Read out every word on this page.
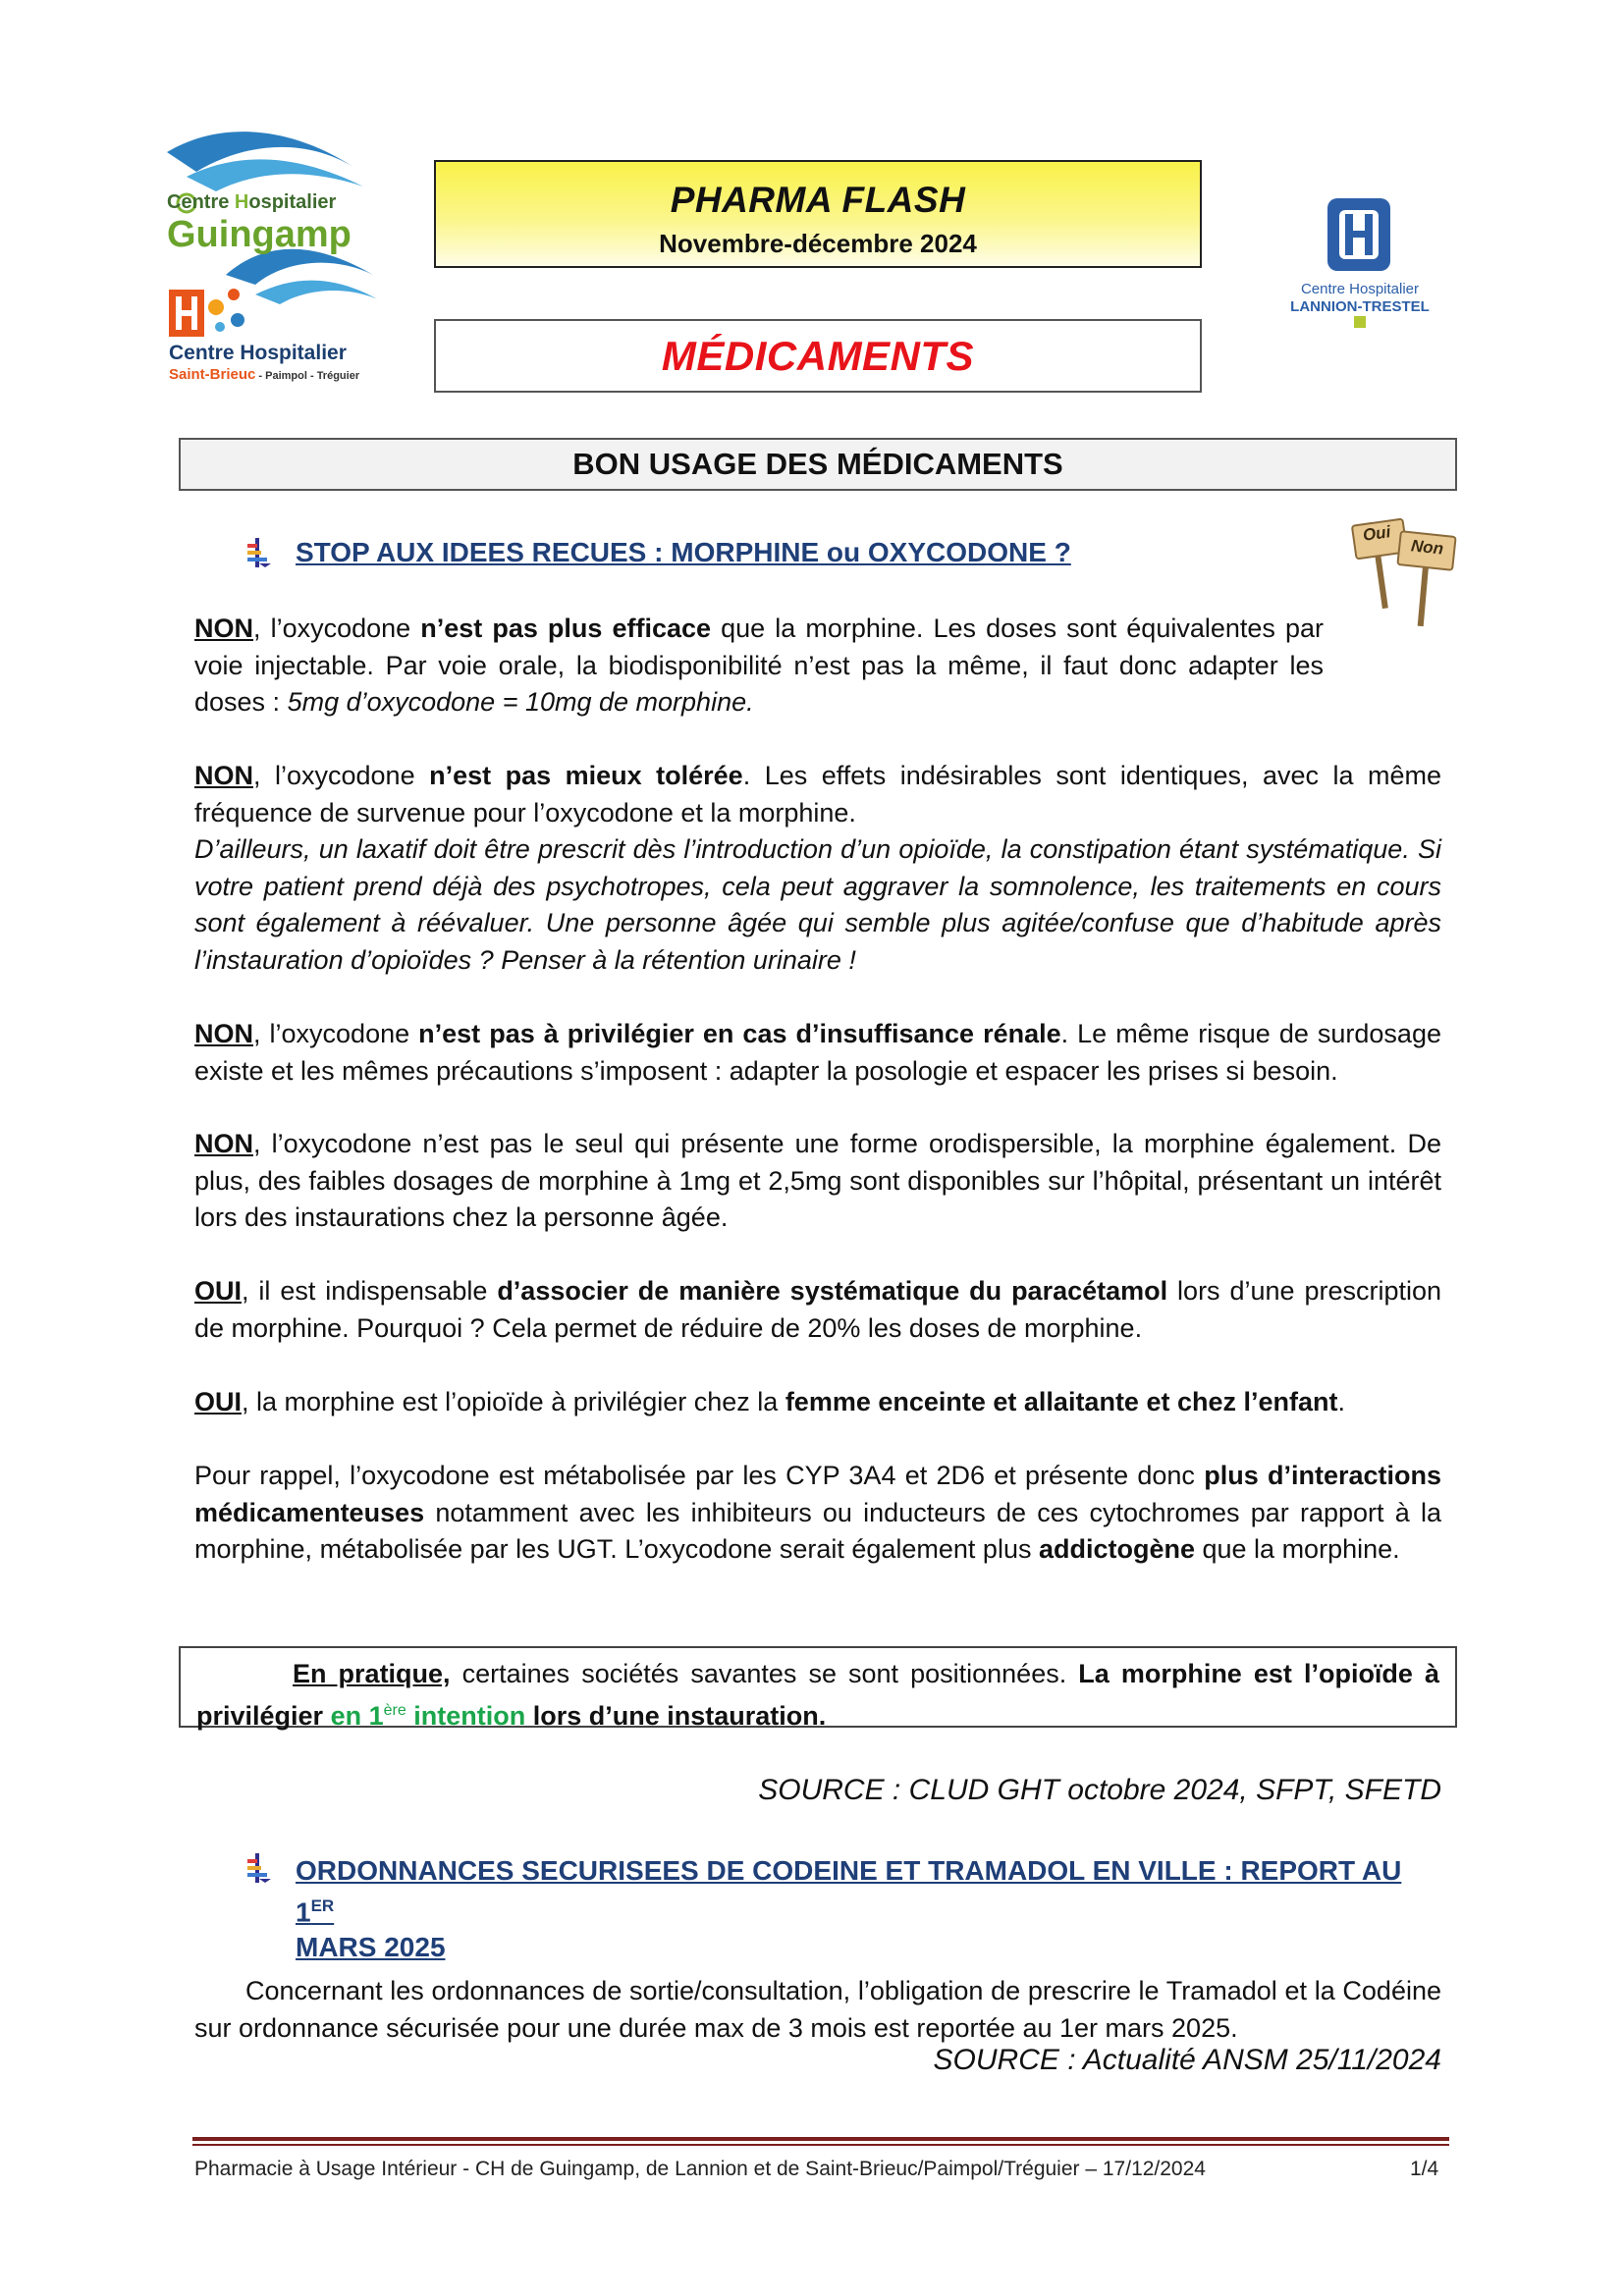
Centre Hospitalier
Guingamp
Centre Hospitalier
Saint-Brieuc - Paimpol - Tréguier
Centre Hospitalier
LANNION-TRESTEL
PHARMA FLASH
Novembre-décembre 2024
MÉDICAMENTS
BON USAGE DES MÉDICAMENTS
STOP AUX IDEES RECUES : MORPHINE ou OXYCODONE ?
Oui
Non
NON, l’oxycodone n’est pas plus efficace que la morphine. Les doses sont équivalentes par voie injectable. Par voie orale, la biodisponibilité n’est pas la même, il faut donc adapter les doses : 5mg d’oxycodone = 10mg de morphine.
NON, l’oxycodone n’est pas mieux tolérée. Les effets indésirables sont identiques, avec la même fréquence de survenue pour l’oxycodone et la morphine.
D’ailleurs, un laxatif doit être prescrit dès l’introduction d’un opioïde, la constipation étant systématique. Si votre patient prend déjà des psychotropes, cela peut aggraver la somnolence, les traitements en cours sont également à réévaluer. Une personne âgée qui semble plus agitée/confuse que d’habitude après l’instauration d’opioïdes ? Penser à la rétention urinaire !
NON, l’oxycodone n’est pas à privilégier en cas d’insuffisance rénale. Le même risque de surdosage existe et les mêmes précautions s’imposent : adapter la posologie et espacer les prises si besoin.
NON, l’oxycodone n’est pas le seul qui présente une forme orodispersible, la morphine également. De plus, des faibles dosages de morphine à 1mg et 2,5mg sont disponibles sur l’hôpital, présentant un intérêt lors des instaurations chez la personne âgée.
OUI, il est indispensable d’associer de manière systématique du paracétamol lors d’une prescription de morphine. Pourquoi ? Cela permet de réduire de 20% les doses de morphine.
OUI, la morphine est l’opioïde à privilégier chez la femme enceinte et allaitante et chez l’enfant.
Pour rappel, l’oxycodone est métabolisée par les CYP 3A4 et 2D6 et présente donc plus d’interactions médicamenteuses notamment avec les inhibiteurs ou inducteurs de ces cytochromes par rapport à la morphine, métabolisée par les UGT. L’oxycodone serait également plus addictogène que la morphine.
En pratique, certaines sociétés savantes se sont positionnées. La morphine est l’opioïde à privilégier en 1ère intention lors d’une instauration.
SOURCE : CLUD GHT octobre 2024, SFPT, SFETD
ORDONNANCES SECURISEES DE CODEINE ET TRAMADOL EN VILLE : REPORT AU 1ER
MARS 2025
Concernant les ordonnances de sortie/consultation, l’obligation de prescrire le Tramadol et la Codéine sur ordonnance sécurisée pour une durée max de 3 mois est reportée au 1er mars 2025.
SOURCE : Actualité ANSM 25/11/2024
Pharmacie à Usage Intérieur - CH de Guingamp, de Lannion et de Saint-Brieuc/Paimpol/Tréguier – 17/12/2024	1/4
